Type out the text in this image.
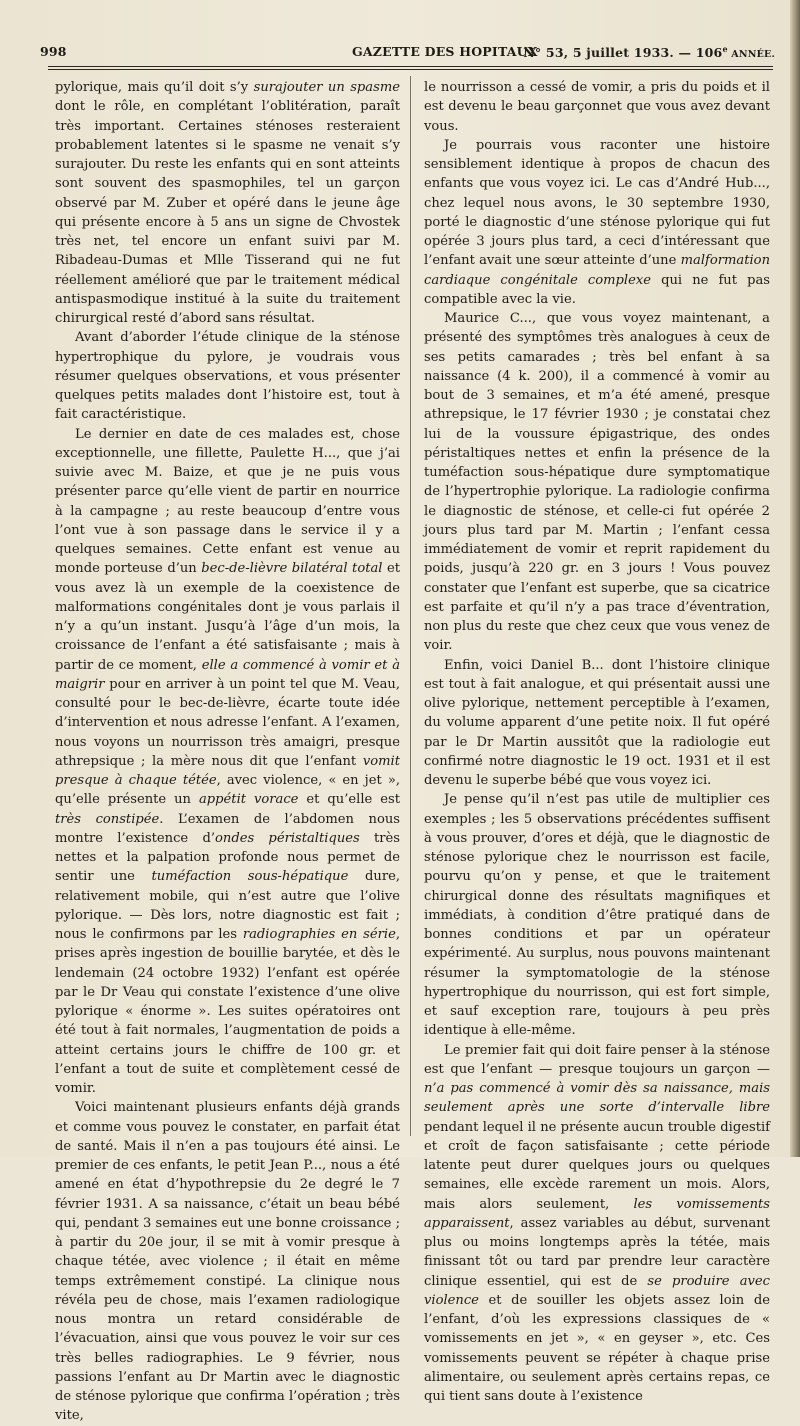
998	GAZETTE DES HOPITAUX
N° 53, 5 juillet 1933. — 106e ANNÉE.

pylorique, mais qu’il doit s’y surajouter un spasme dont le rôle, en complétant l’oblitération, paraît très important. Certaines sténoses resteraient probablement latentes si le spasme ne venait s’y surajouter. Du reste les enfants qui en sont atteints sont souvent des spasmophiles, tel un garçon observé par M. Zuber et opéré dans le jeune âge qui présente encore à 5 ans un signe de Chvostek très net, tel encore un enfant suivi par M. Ribadeau-Dumas et Mlle Tisserand qui ne fut réellement amélioré que par le traitement médical antispasmodique institué à la suite du traitement chirurgical resté d’abord sans résultat.

Avant d’aborder l’étude clinique de la sténose hypertrophique du pylore, je voudrais vous résumer quelques observations, et vous présenter quelques petits malades dont l’histoire est, tout à fait caractéristique.

Le dernier en date de ces malades est, chose exceptionnelle, une fillette, Paulette H..., que j’ai suivie avec M. Baize, et que je ne puis vous présenter parce qu’elle vient de partir en nourrice à la campagne ; au reste beaucoup d’entre vous l’ont vue à son passage dans le service il y a quelques semaines. Cette enfant est venue au monde porteuse d’un bec-de-lièvre bilatéral total et vous avez là un exemple de la coexistence de malformations congénitales dont je vous parlais il n’y a qu’un instant. Jusqu’à l’âge d’un mois, la croissance de l’enfant a été satisfaisante ; mais à partir de ce moment, elle a commencé à vomir et à maigrir pour en arriver à un point tel que M. Veau, consulté pour le bec-de-lièvre, écarte toute idée d’intervention et nous adresse l’enfant. A l’examen, nous voyons un nourrisson très amaigri, presque athrepsique ; la mère nous dit que l’enfant vomit presque à chaque tétée, avec violence, « en jet », qu’elle présente un appétit vorace et qu’elle est très constipée. L’examen de l’abdomen nous montre l’existence d’ondes péristaltiques très nettes et la palpation profonde nous permet de sentir une tuméfaction sous-hépatique dure, relativement mobile, qui n’est autre que l’olive pylorique. — Dès lors, notre diagnostic est fait ; nous le confirmons par les radiographies en série, prises après ingestion de bouillie barytée, et dès le lendemain (24 octobre 1932) l’enfant est opérée par le Dr Veau qui constate l’existence d’une olive pylorique « énorme ». Les suites opératoires ont été tout à fait normales, l’augmentation de poids a atteint certains jours le chiffre de 100 gr. et l’enfant a tout de suite et complètement cessé de vomir.

Voici maintenant plusieurs enfants déjà grands et comme vous pouvez le constater, en parfait état de santé. Mais il n’en a pas toujours été ainsi. Le premier de ces enfants, le petit Jean P..., nous a été amené en état d’hypothrepsie du 2e degré le 7 février 1931. A sa naissance, c’était un beau bébé qui, pendant 3 semaines eut une bonne croissance ; à partir du 20e jour, il se mit à vomir presque à chaque tétée, avec violence ; il était en même temps extrêmement constipé. La clinique nous révéla peu de chose, mais l’examen radiologique nous montra un retard considérable de l’évacuation, ainsi que vous pouvez le voir sur ces très belles radiographies. Le 9 février, nous passions l’enfant au Dr Martin avec le diagnostic de sténose pylorique que confirma l’opération ; très vite,

le nourrisson a cessé de vomir, a pris du poids et il est devenu le beau garçonnet que vous avez devant vous.

Je pourrais vous raconter une histoire sensiblement identique à propos de chacun des enfants que vous voyez ici. Le cas d’André Hub..., chez lequel nous avons, le 30 septembre 1930, porté le diagnostic d’une sténose pylorique qui fut opérée 3 jours plus tard, a ceci d’intéressant que l’enfant avait une sœur atteinte d’une malformation cardiaque congénitale complexe qui ne fut pas compatible avec la vie.

Maurice C..., que vous voyez maintenant, a présenté des symptômes très analogues à ceux de ses petits camarades ; très bel enfant à sa naissance (4 k. 200), il a commencé à vomir au bout de 3 semaines, et m’a été amené, presque athrepsique, le 17 février 1930 ; je constatai chez lui de la voussure épigastrique, des ondes péristaltiques nettes et enfin la présence de la tuméfaction sous-hépatique dure symptomatique de l’hypertrophie pylorique. La radiologie confirma le diagnostic de sténose, et celle-ci fut opérée 2 jours plus tard par M. Martin ; l’enfant cessa immédiatement de vomir et reprit rapidement du poids, jusqu’à 220 gr. en 3 jours ! Vous pouvez constater que l’enfant est superbe, que sa cicatrice est parfaite et qu’il n’y a pas trace d’éventration, non plus du reste que chez ceux que vous venez de voir.

Enfin, voici Daniel B... dont l’histoire clinique est tout à fait analogue, et qui présentait aussi une olive pylorique, nettement perceptible à l’examen, du volume apparent d’une petite noix. Il fut opéré par le Dr Martin aussitôt que la radiologie eut confirmé notre diagnostic le 19 oct. 1931 et il est devenu le superbe bébé que vous voyez ici.

Je pense qu’il n’est pas utile de multiplier ces exemples ; les 5 observations précédentes suffisent à vous prouver, d’ores et déjà, que le diagnostic de sténose pylorique chez le nourrisson est facile, pourvu qu’on y pense, et que le traitement chirurgical donne des résultats magnifiques et immédiats, à condition d’être pratiqué dans de bonnes conditions et par un opérateur expérimenté. Au surplus, nous pouvons maintenant résumer la symptomatologie de la sténose hypertrophique du nourrisson, qui est fort simple, et sauf exception rare, toujours à peu près identique à elle-même.

Le premier fait qui doit faire penser à la sténose est que l’enfant — presque toujours un garçon — n’a pas commencé à vomir dès sa naissance, mais seulement après une sorte d’intervalle libre pendant lequel il ne présente aucun trouble digestif et croît de façon satisfaisante ; cette période latente peut durer quelques jours ou quelques semaines, elle excède rarement un mois. Alors, mais alors seulement, les vomissements apparaissent, assez variables au début, survenant plus ou moins longtemps après la tétée, mais finissant tôt ou tard par prendre leur caractère clinique essentiel, qui est de se produire avec violence et de souiller les objets assez loin de l’enfant, d’où les expressions classiques de « vomissements en jet », « en geyser », etc. Ces vomissements peuvent se répéter à chaque prise alimentaire, ou seulement après certains repas, ce qui tient sans doute à l’existence
